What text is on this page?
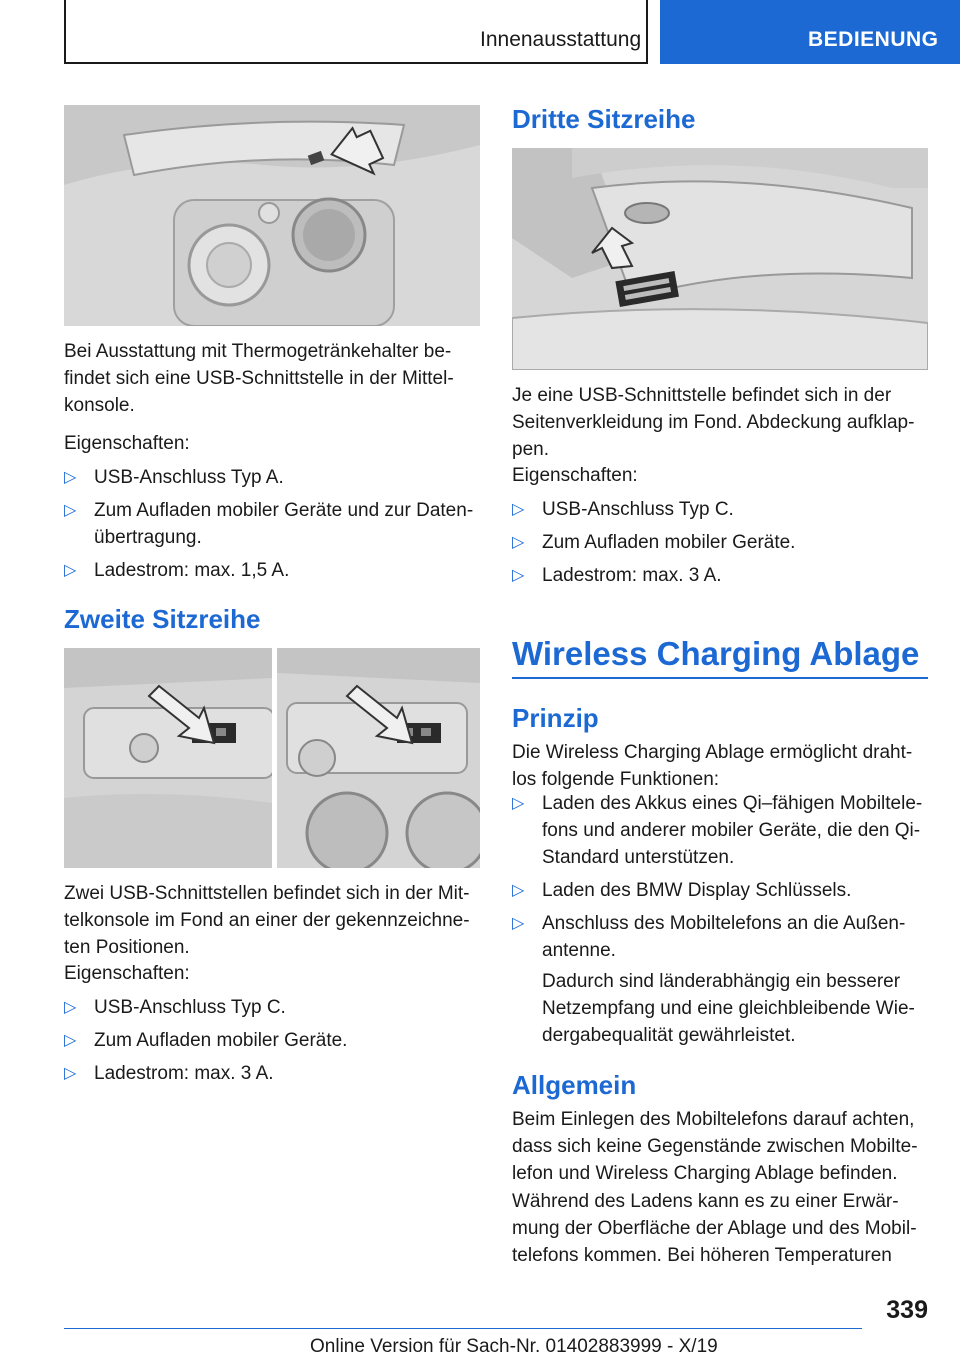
Innenausstattung	BEDIENUNG

Bei Ausstattung mit Thermogetränkehalter befindet sich eine USB-Schnittstelle in der Mittelkonsole.

Eigenschaften:

▷ USB-Anschluss Typ A.
▷ Zum Aufladen mobiler Geräte und zur Datenübertragung.
▷ Ladestrom: max. 1,5 A.
Zweite Sitzreihe

Zwei USB-Schnittstellen befindet sich in der Mittelkonsole im Fond an einer der gekennzeichneten Positionen.

Eigenschaften:

▷ USB-Anschluss Typ C.
▷ Zum Aufladen mobiler Geräte.
▷ Ladestrom: max. 3 A.
Dritte Sitzreihe

Je eine USB-Schnittstelle befindet sich in der Seitenverkleidung im Fond. Abdeckung aufklappen.

Eigenschaften:

▷ USB-Anschluss Typ C.
▷ Zum Aufladen mobiler Geräte.
▷ Ladestrom: max. 3 A.
Wireless Charging Ablage
Prinzip

Die Wireless Charging Ablage ermöglicht drahtlos folgende Funktionen:

▷ Laden des Akkus eines Qi–fähigen Mobiltelefons und anderer mobiler Geräte, die den Qi-Standard unterstützen.
▷ Laden des BMW Display Schlüssels.
▷ Anschluss des Mobiltelefons an die Außenantenne.
Dadurch sind länderabhängig ein besserer Netzempfang und eine gleichbleibende Wiedergabequalität gewährleistet.
Allgemein

Beim Einlegen des Mobiltelefons darauf achten, dass sich keine Gegenstände zwischen Mobiltelefon und Wireless Charging Ablage befinden.

Während des Ladens kann es zu einer Erwärmung der Oberfläche der Ablage und des Mobiltelefons kommen. Bei höheren Temperaturen

339
Online Version für Sach-Nr. 01402883999 - X/19
